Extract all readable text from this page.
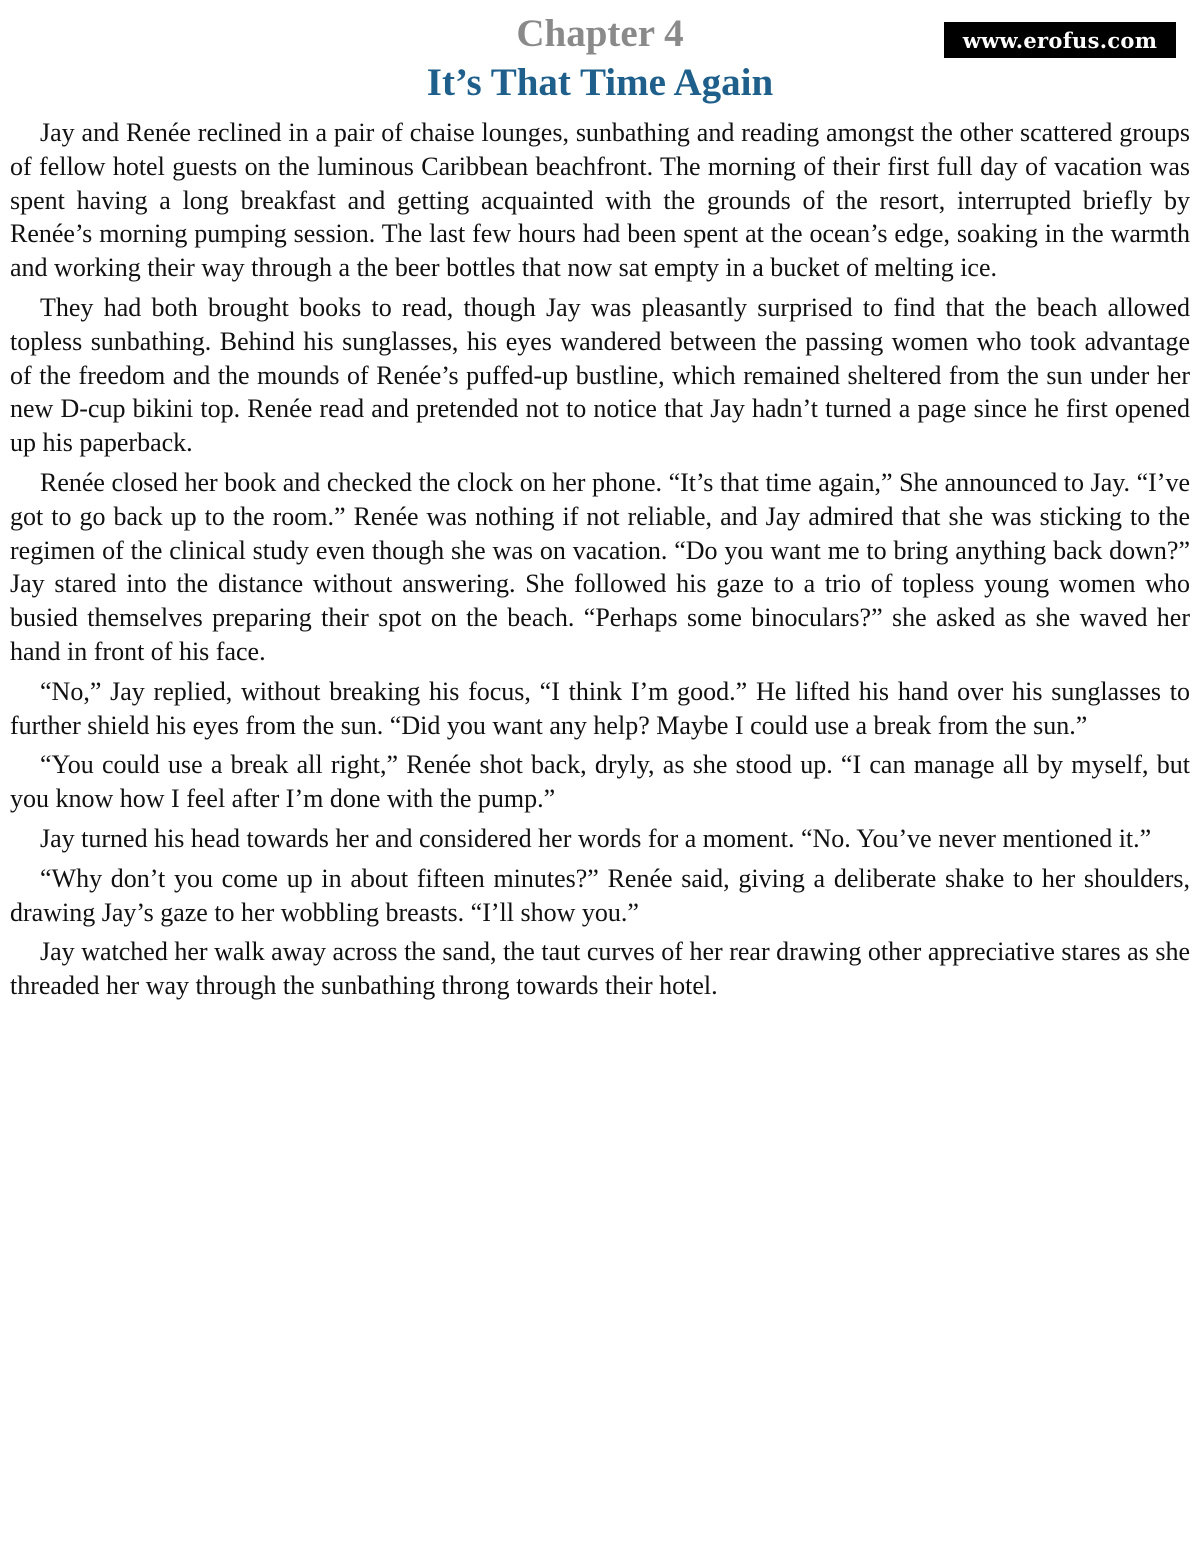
www.erofus.com
Chapter 4
It’s That Time Again

Jay and Renée reclined in a pair of chaise lounges, sunbathing and reading amongst the other scattered groups of fellow hotel guests on the luminous Caribbean beachfront. The morning of their first full day of vacation was spent having a long breakfast and getting acquainted with the grounds of the resort, interrupted briefly by Renée’s morning pumping session. The last few hours had been spent at the ocean’s edge, soaking in the warmth and working their way through a the beer bottles that now sat empty in a bucket of melting ice.

They had both brought books to read, though Jay was pleasantly surprised to find that the beach allowed topless sunbathing. Behind his sunglasses, his eyes wandered between the passing women who took advantage of the freedom and the mounds of Renée’s puffed-up bustline, which remained sheltered from the sun under her new D-cup bikini top. Renée read and pretended not to notice that Jay hadn’t turned a page since he first opened up his paperback.

Renée closed her book and checked the clock on her phone. “It’s that time again,” She announced to Jay. “I’ve got to go back up to the room.” Renée was nothing if not reliable, and Jay admired that she was sticking to the regimen of the clinical study even though she was on vacation. “Do you want me to bring anything back down?” Jay stared into the distance without answering. She followed his gaze to a trio of topless young women who busied themselves preparing their spot on the beach. “Perhaps some binoculars?” she asked as she waved her hand in front of his face.

“No,” Jay replied, without breaking his focus, “I think I’m good.” He lifted his hand over his sunglasses to further shield his eyes from the sun. “Did you want any help? Maybe I could use a break from the sun.”

“You could use a break all right,” Renée shot back, dryly, as she stood up. “I can manage all by myself, but you know how I feel after I’m done with the pump.”

Jay turned his head towards her and considered her words for a moment. “No. You’ve never mentioned it.”

“Why don’t you come up in about fifteen minutes?” Renée said, giving a deliberate shake to her shoulders, drawing Jay’s gaze to her wobbling breasts. “I’ll show you.”

Jay watched her walk away across the sand, the taut curves of her rear drawing other appreciative stares as she threaded her way through the sunbathing throng towards their hotel.
